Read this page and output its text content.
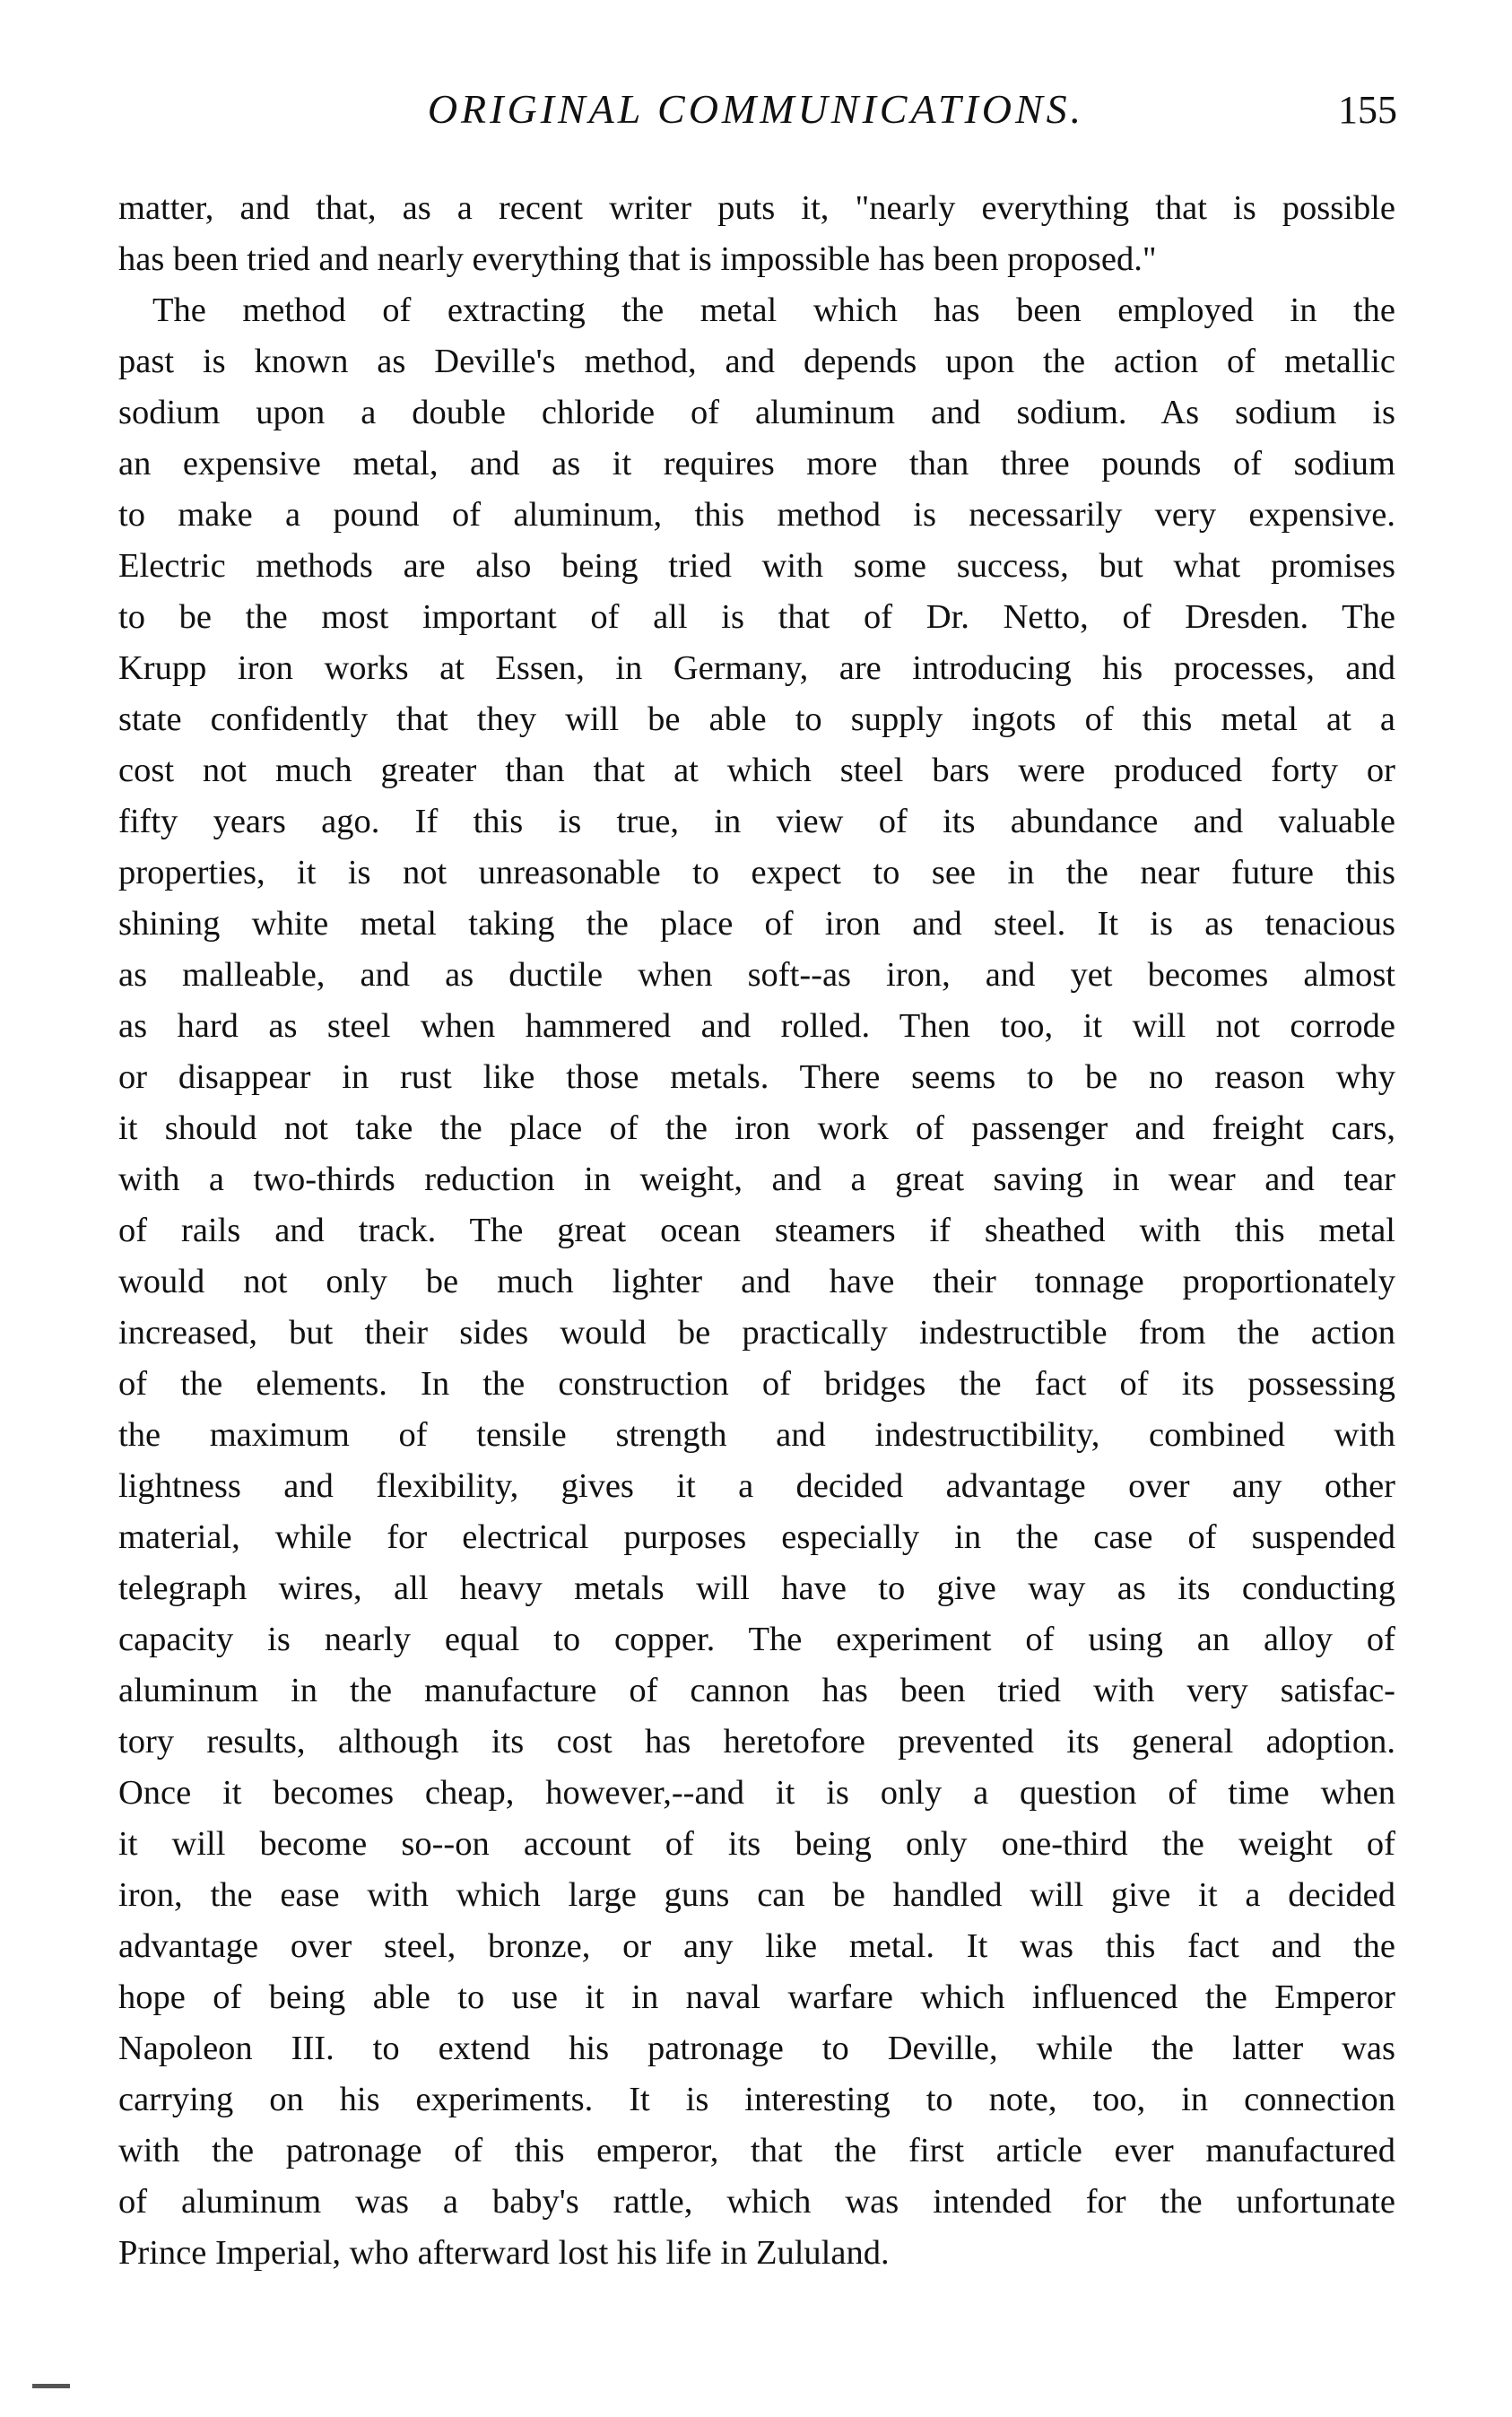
ORIGINAL COMMUNICATIONS.	155
matter, and that, as a recent writer puts it, "nearly everything that is possible
has been tried and nearly everything that is impossible has been proposed."
The method of extracting the metal which has been employed in the
past is known as Deville's method, and depends upon the action of metallic
sodium upon a double chloride of aluminum and sodium. As sodium is
an expensive metal, and as it requires more than three pounds of sodium
to make a pound of aluminum, this method is necessarily very expensive.
Electric methods are also being tried with some success, but what promises
to be the most important of all is that of Dr. Netto, of Dresden. The
Krupp iron works at Essen, in Germany, are introducing his processes, and
state confidently that they will be able to supply ingots of this metal at a
cost not much greater than that at which steel bars were produced forty or
fifty years ago. If this is true, in view of its abundance and valuable
properties, it is not unreasonable to expect to see in the near future this
shining white metal taking the place of iron and steel. It is as tenacious
as malleable, and as ductile when soft--as iron, and yet becomes almost
as hard as steel when hammered and rolled. Then too, it will not corrode
or disappear in rust like those metals. There seems to be no reason why
it should not take the place of the iron work of passenger and freight cars,
with a two-thirds reduction in weight, and a great saving in wear and tear
of rails and track. The great ocean steamers if sheathed with this metal
would not only be much lighter and have their tonnage proportionately
increased, but their sides would be practically indestructible from the action
of the elements. In the construction of bridges the fact of its possessing
the maximum of tensile strength and indestructibility, combined with
lightness and flexibility, gives it a decided advantage over any other
material, while for electrical purposes especially in the case of suspended
telegraph wires, all heavy metals will have to give way as its conducting
capacity is nearly equal to copper. The experiment of using an alloy of
aluminum in the manufacture of cannon has been tried with very satisfac-
tory results, although its cost has heretofore prevented its general adoption.
Once it becomes cheap, however,--and it is only a question of time when
it will become so--on account of its being only one-third the weight of
iron, the ease with which large guns can be handled will give it a decided
advantage over steel, bronze, or any like metal. It was this fact and the
hope of being able to use it in naval warfare which influenced the Emperor
Napoleon III. to extend his patronage to Deville, while the latter was
carrying on his experiments. It is interesting to note, too, in connection
with the patronage of this emperor, that the first article ever manufactured
of aluminum was a baby's rattle, which was intended for the unfortunate
Prince Imperial, who afterward lost his life in Zululand.
